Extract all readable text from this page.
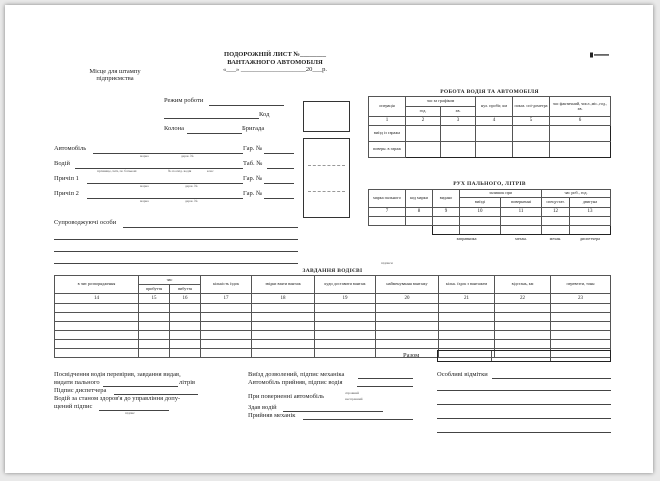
ПОДОРОЖНІЙ ЛИСТ №________
ВАНТАЖНОГО АВТОМОБІЛЯ
«___» ____________________20___р.
Місце для штампу
підприємства
Режим роботи
Код
Колона	Бригада
Автомобіль
марка	держ. №
Гар. №
Водій
прізвище, ім'я, по батькові	№ посвід. водія	клас
Таб. №
Причіп 1
марка	держ. №
Гар. №
Причіп 2
марка	держ. №
Гар. №
Супроводжуючі особи
РОБОТА ВОДІЯ ТА АВТОМОБІЛЯ
операція	час за графіком		нул. пробіг, км	показ. спі-дометра	час фактичний, числ.,міс.,год., хв.
	год.	хв.			
1	2	3	4	5	6
виїзд із гаража					
поверн. в гараж					
РУХ ПАЛЬНОГО, ЛІТРІВ
марка пального	код марки	видано	залишок при		час роб., год.	
			виїзді	поверненні	спецустат.	двигуна
7	8	9	10	11	12	13

		заправника		механ.	механ.	диспетчера
підписи
ЗАВДАННЯ ВОДІЄВІ
в чиє розпорядження	час		кількість їздок	звідки взяти вантаж	куди доставити вантаж	найменування вантажу	кільк. їздок з вантажем	відстань, км	перевезти, тонн
	прибуття	вибуття							
14	15	16	17	18	19	20	21	22	23

Разом
Посвідчення водія перевірив, завдання видав,
видати пального	літрів
Підпис диспетчера
Водій за станом здоров'я до управління допу-
щений підпис
підпис
Виїзд дозволений, підпис механіка
Автомобіль прийняв, підпис водія
При поверненні автомобіль	справний
несправний
Здав водій
Прийняв механік
Особливі відмітки
